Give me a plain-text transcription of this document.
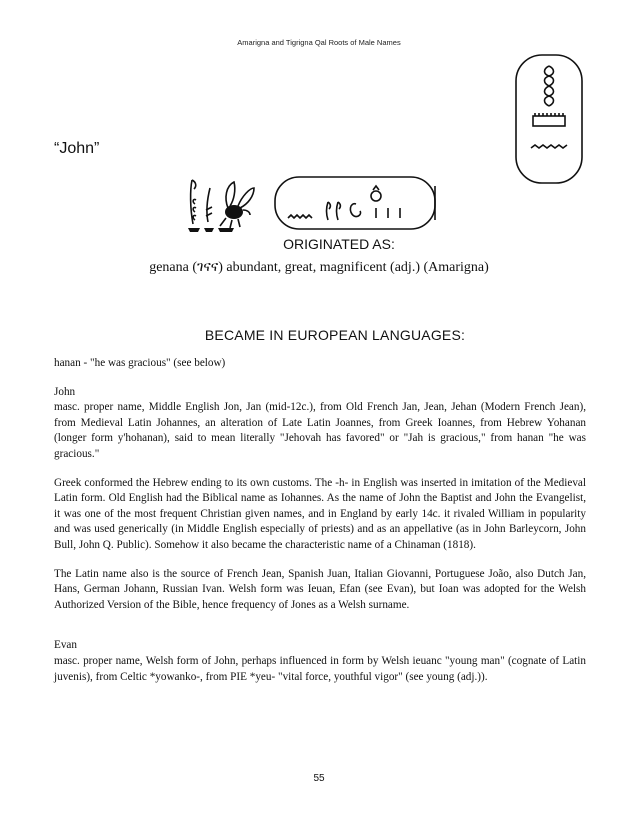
Amarigna and Tigrigna Qal Roots of Male Names
“John”
ORIGINATED AS:
genana (ገናና) abundant, great, magnificent (adj.) (Amarigna)
BECAME IN EUROPEAN LANGUAGES:

hanan - "he was gracious" (see below)

John

masc. proper name, Middle English Jon, Jan (mid-12c.), from Old French Jan, Jean, Jehan (Modern French Jean), from Medieval Latin Johannes, an alteration of Late Latin Joannes, from Greek Ioannes, from Hebrew Yohanan (longer form y'hohanan), said to mean literally "Jehovah has favored" or "Jah is gracious," from hanan "he was gracious."

Greek conformed the Hebrew ending to its own customs. The -h- in English was inserted in imitation of the Medieval Latin form. Old English had the Biblical name as Iohannes. As the name of John the Baptist and John the Evangelist, it was one of the most frequent Christian given names, and in England by early 14c. it rivaled William in popularity and was used generically (in Middle English especially of priests) and as an appellative (as in John Barleycorn, John Bull, John Q. Public). Somehow it also became the characteristic name of a Chinaman (1818).

The Latin name also is the source of French Jean, Spanish Juan, Italian Giovanni, Portuguese João, also Dutch Jan, Hans, German Johann, Russian Ivan. Welsh form was Ieuan, Efan (see Evan), but Ioan was adopted for the Welsh Authorized Version of the Bible, hence frequency of Jones as a Welsh surname.

Evan

masc. proper name, Welsh form of John, perhaps influenced in form by Welsh ieuanc "young man" (cognate of Latin juvenis), from Celtic *yowanko-, from PIE *yeu- "vital force, youthful vigor" (see young (adj.)).

55
